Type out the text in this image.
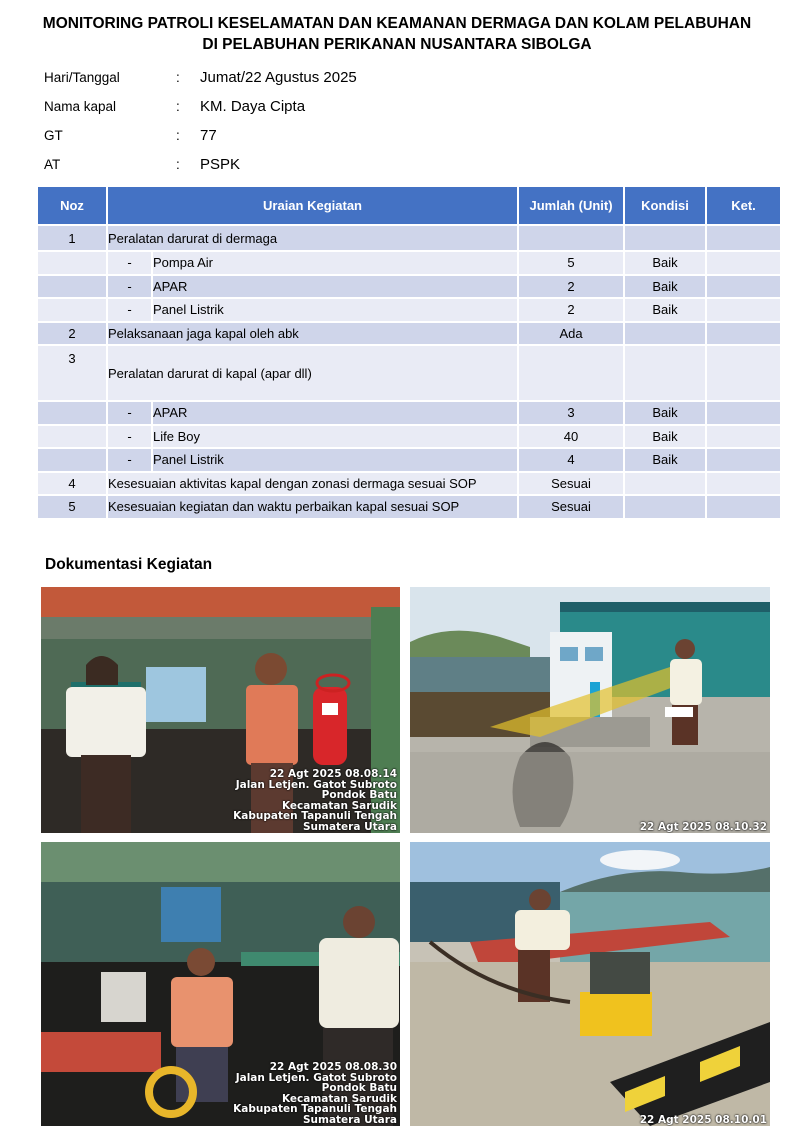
MONITORING PATROLI KESELAMATAN DAN KEAMANAN DERMAGA DAN KOLAM PELABUHAN
DI PELABUHAN PERIKANAN NUSANTARA SIBOLGA
Hari/Tanggal	: Jumat/22 Agustus 2025
Nama kapal	: KM. Daya Cipta
GT	: 77
AT	: PSPK
Noz	Uraian Kegiatan		Jumlah (Unit)	Kondisi	Ket.
1	Peralatan darurat di dermaga				
	-	Pompa Air	5	Baik	
	-	APAR	2	Baik	
	-	Panel Listrik	2	Baik	
2	Pelaksanaan jaga kapal oleh abk		Ada		
3	Peralatan darurat di kapal (apar dll)				
	-	APAR	3	Baik	
	-	Life Boy	40	Baik	
	-	Panel Listrik	4	Baik	
4	Kesesuaian aktivitas kapal dengan zonasi dermaga sesuai SOP		Sesuai		
5	Kesesuaian kegiatan dan waktu perbaikan kapal sesuai SOP		Sesuai		
Dokumentasi Kegiatan
22 Agt 2025 08.08.14
Jalan Letjen. Gatot Subroto
Pondok Batu
Kecamatan Sarudik
Kabupaten Tapanuli Tengah
Sumatera Utara	22 Agt 2025 08.10.32
22 Agt 2025 08.08.30
Jalan Letjen. Gatot Subroto
Pondok Batu
Kecamatan Sarudik
Kabupaten Tapanuli Tengah
Sumatera Utara	22 Agt 2025 08.10.01
